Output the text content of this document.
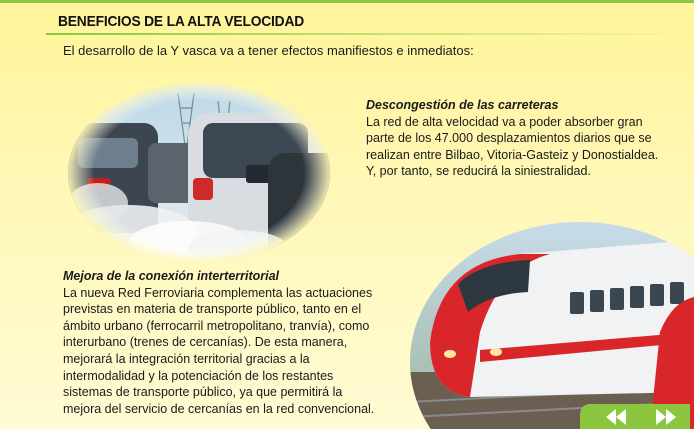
BENEFICIOS DE LA ALTA VELOCIDAD
El desarrollo de la Y vasca va a tener efectos manifiestos e inmediatos:
Descongestión de las carreteras
La red de alta velocidad va a poder absorber gran
parte de los 47.000 desplazamientos diarios que se
realizan entre Bilbao, Vitoria-Gasteiz y Donostialdea.
Y, por tanto, se reducirá la siniestralidad.
Mejora de la conexión interterritorial
La nueva Red Ferroviaria complementa las actuaciones
previstas en materia de transporte público, tanto en el
ámbito urbano (ferrocarril metropolitano, tranvía), como
interurbano (trenes de cercanías). De esta manera,
mejorará la integración territorial gracias a la
intermodalidad y la potenciación de los restantes
sistemas de transporte público, ya que permitirá la
mejora del servicio de cercanías en la red convencional.
